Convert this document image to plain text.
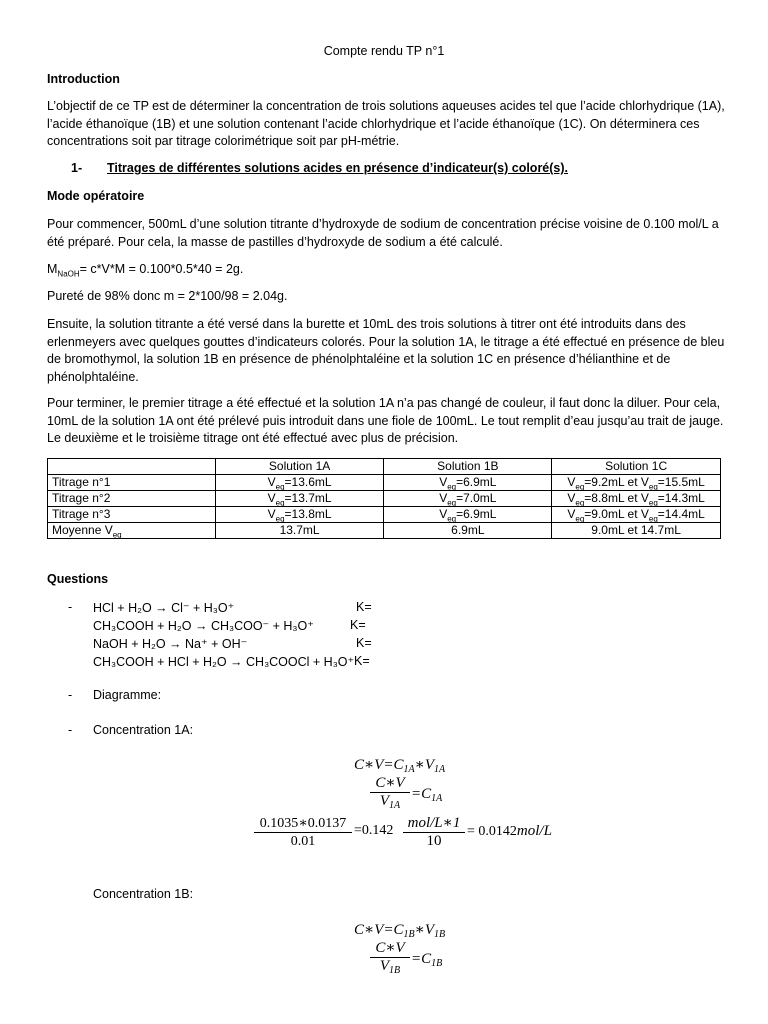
Compte rendu TP n°1
Introduction
L’objectif de ce TP est de déterminer la concentration de trois solutions aqueuses acides tel que l’acide chlorhydrique (1A), l’acide éthanoïque (1B) et une solution contenant l’acide chlorhydrique et l’acide éthanoïque (1C). On déterminera ces concentrations soit par titrage colorimétrique soit par pH-métrie.
1- Titrages de différentes solutions acides en présence d’indicateur(s) coloré(s).
Mode opératoire
Pour commencer, 500mL d’une solution titrante d’hydroxyde de sodium de concentration précise voisine de 0.100 mol/L a été préparé. Pour cela, la masse de pastilles d’hydroxyde de sodium a été calculé.
$M_{NaOH}= c*V*M = 0.100*0.5*40 = 2g$.
Pureté de 98% donc m = 2*100/98 = 2.04g.
Ensuite, la solution titrante a été versé dans la burette et 10mL des trois solutions à titrer ont été introduits dans des erlenmeyers avec quelques gouttes d’indicateurs colorés. Pour la solution 1A, le titrage a été effectué en présence de bleu de bromothymol, la solution 1B en présence de phénolphtaléine et la solution 1C en présence d’hélianthine et de phénolphtaléine.
Pour terminer, le premier titrage a été effectué et la solution 1A n’a pas changé de couleur, il faut donc la diluer. Pour cela, 10mL de la solution 1A ont été prélevé puis introduit dans une fiole de 100mL. Le tout remplit d’eau jusqu’au trait de jauge. Le deuxième et le troisième titrage ont été effectué avec plus de précision.
	Solution 1A	Solution 1B	Solution 1C
Titrage n°1	$V_{eq}=13.6mL$	$V_{eq}=6.9mL$	$V_{eq}=9.2mL$ et $V_{eq}=15.5mL$
Titrage n°2	$V_{eq}=13.7mL$	$V_{eq}=7.0mL$	$V_{eq}=8.8mL$ et $V_{eq}=14.3mL$
Titrage n°3	$V_{eq}=13.8mL$	$V_{eq}=6.9mL$	$V_{eq}=9.0mL$ et $V_{eq}=14.4mL$
Moyenne $V_{eq}$	13.7mL	6.9mL	9.0mL et 14.7mL
Questions
- HCl + H₂O → Cl⁻ + H₃O⁺	K=
CH₃COOH + H₂O → CH₃COO⁻ + H₃O⁺	K=
NaOH + H₂O → Na⁺ + OH⁻	K=
CH₃COOH + HCl + H₂O → CH₃COOCl + H₃O⁺ K=
- Diagramme:
- Concentration 1A:
$C∗V=C_{1A}∗V_{1A}$
$\frac{C∗V}{V_{1A}} =C_{1A}$
$\frac{0.1035∗0.0137}{0.01} =0.142$ mol/L∗1
10
= 0.0142mol/L
Concentration 1B:
$C∗V=C_{1B}∗V_{1B}$
$\frac{C∗V}{V_{1B}} =C_{1B}$
